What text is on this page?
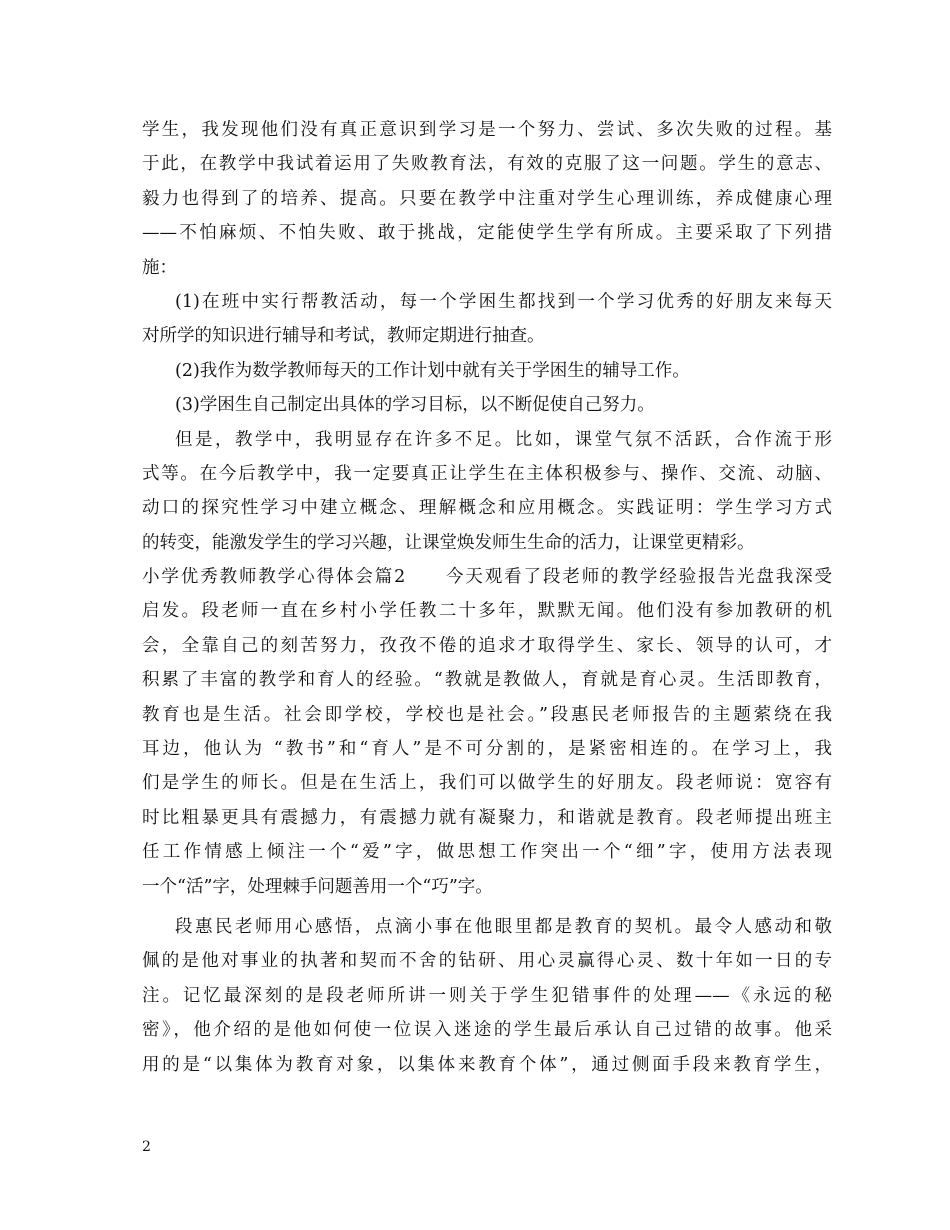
学生，我发现他们没有真正意识到学习是一个努力、尝试、多次失败的过程。基
于此，在教学中我试着运用了失败教育法，有效的克服了这一问题。学生的意志、
毅力也得到了的培养、提高。只要在教学中注重对学生心理训练，养成健康心理
——不怕麻烦、不怕失败、敢于挑战，定能使学生学有所成。主要采取了下列措
施：
(1)在班中实行帮教活动，每一个学困生都找到一个学习优秀的好朋友来每天
对所学的知识进行辅导和考试，教师定期进行抽查。
(2)我作为数学教师每天的工作计划中就有关于学困生的辅导工作。
(3)学困生自己制定出具体的学习目标，以不断促使自己努力。
但是，教学中，我明显存在许多不足。比如，课堂气氛不活跃，合作流于形
式等。在今后教学中，我一定要真正让学生在主体积极参与、操作、交流、动脑、
动口的探究性学习中建立概念、理解概念和应用概念。实践证明：学生学习方式
的转变，能激发学生的学习兴趣，让课堂焕发师生生命的活力，让课堂更精彩。
小学优秀教师教学心得体会篇2　　今天观看了段老师的教学经验报告光盘我深受
启发。段老师一直在乡村小学任教二十多年，默默无闻。他们没有参加教研的机
会，全靠自己的刻苦努力，孜孜不倦的追求才取得学生、家长、领导的认可，才
积累了丰富的教学和育人的经验。“教就是教做人，育就是育心灵。生活即教育，
教育也是生活。社会即学校，学校也是社会。”段惠民老师报告的主题萦绕在我
耳边，他认为 “教书”和“育人”是不可分割的，是紧密相连的。在学习上，我
们是学生的师长。但是在生活上，我们可以做学生的好朋友。段老师说：宽容有
时比粗暴更具有震撼力，有震撼力就有凝聚力，和谐就是教育。段老师提出班主
任工作情感上倾注一个“爱”字，做思想工作突出一个“细”字，使用方法表现
一个“活”字，处理棘手问题善用一个“巧”字。
段惠民老师用心感悟，点滴小事在他眼里都是教育的契机。最令人感动和敬
佩的是他对事业的执著和契而不舍的钻研、用心灵赢得心灵、数十年如一日的专
注。记忆最深刻的是段老师所讲一则关于学生犯错事件的处理——《永远的秘
密》，他介绍的是他如何使一位误入迷途的学生最后承认自己过错的故事。他采
用的是“以集体为教育对象，以集体来教育个体”，通过侧面手段来教育学生，
2
